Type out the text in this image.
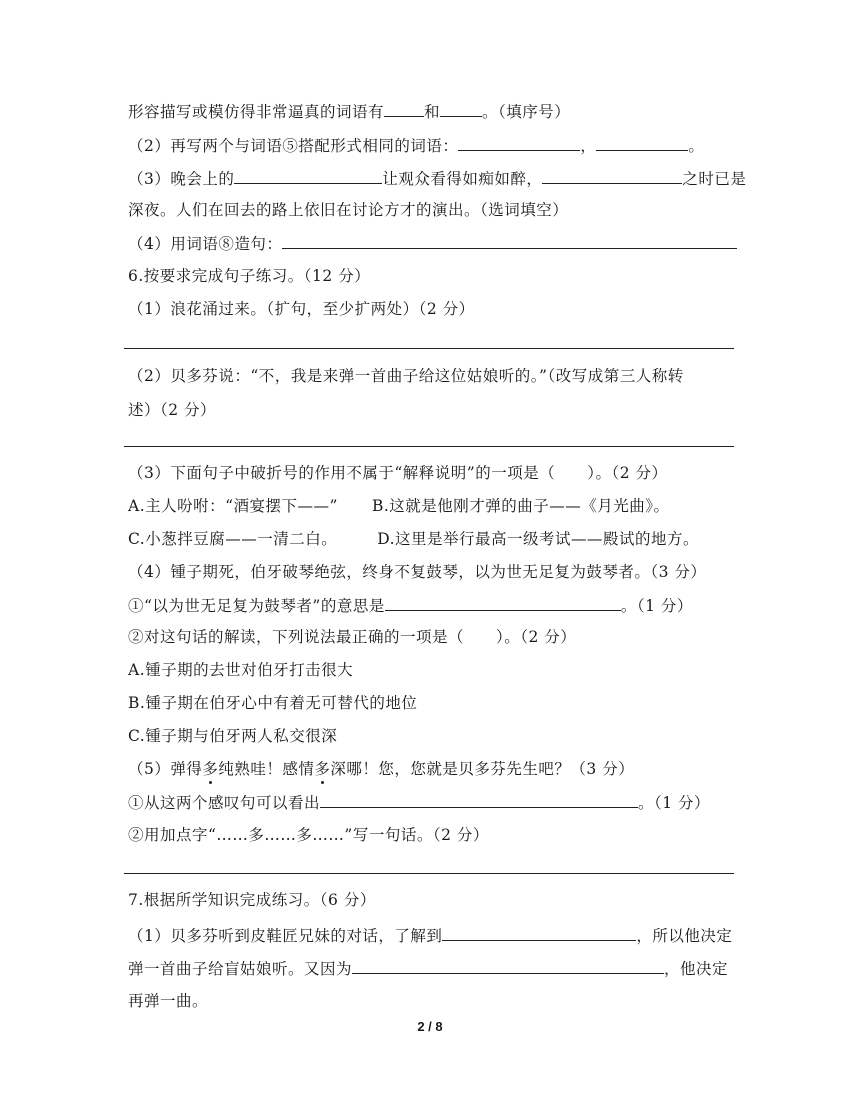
形容描写或模仿得非常逼真的词语有	和	。（填序号）
（2）再写两个与词语⑤搭配形式相同的词语：	，	。
（3）晚会上的	让观众看得如痴如醉，	之时已是
深夜。人们在回去的路上依旧在讨论方才的演出。（选词填空）
（4）用词语⑧造句：
6.按要求完成句子练习。（12 分）
（1）浪花涌过来。（扩句，至少扩两处）（2 分）
（2）贝多芬说：“不，我是来弹一首曲子给这位姑娘听的。”（改写成第三人称转
述）（2 分）
（3）下面句子中破折号的作用不属于“解释说明”的一项是（　　）。（2 分）
A.主人吩咐：“酒宴摆下——” B.这就是他刚才弹的曲子——《月光曲》。
C.小葱拌豆腐——一清二白。	D.这里是举行最高一级考试——殿试的地方。
（4）锺子期死，伯牙破琴绝弦，终身不复鼓琴，以为世无足复为鼓琴者。（3 分）
①“以为世无足复为鼓琴者”的意思是	。（1 分）
②对这句话的解读，下列说法最正确的一项是（　　）。（2 分）
A.锺子期的去世对伯牙打击很大
B.锺子期在伯牙心中有着无可替代的地位
C.锺子期与伯牙两人私交很深
（5）弹得多纯熟哇！感情多深哪！您，您就是贝多芬先生吧？（3 分）
①从这两个感叹句可以看出	。（1 分）
②用加点字“……多……多……”写一句话。（2 分）
7.根据所学知识完成练习。（6 分）
（1）贝多芬听到皮鞋匠兄妹的对话，了解到	，所以他决定
弹一首曲子给盲姑娘听。又因为	，他决定
再弹一曲。
2 / 8
